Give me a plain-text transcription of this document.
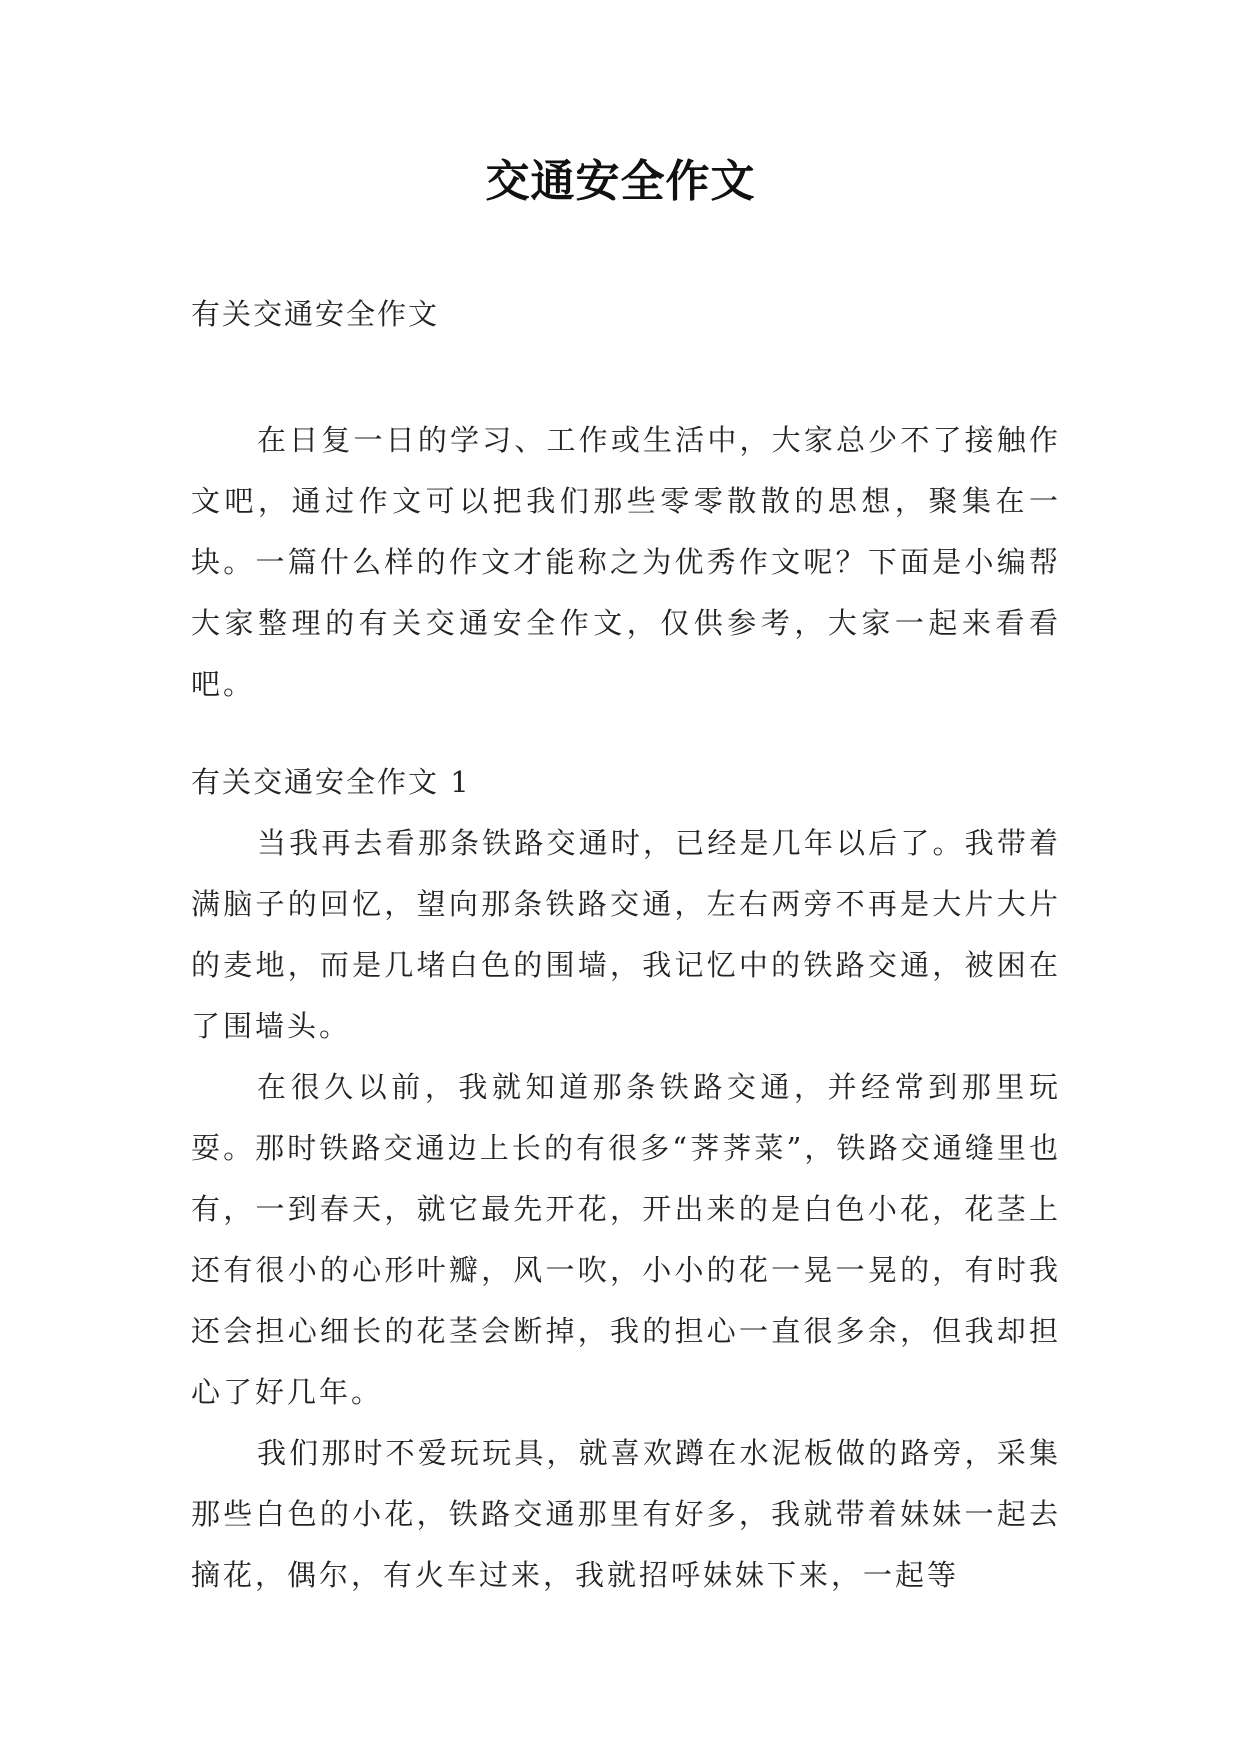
交通安全作文
有关交通安全作文

在日复一日的学习、工作或生活中，大家总少不了接触作文吧，通过作文可以把我们那些零零散散的思想，聚集在一块。一篇什么样的作文才能称之为优秀作文呢？下面是小编帮大家整理的有关交通安全作文，仅供参考，大家一起来看看吧。

有关交通安全作文 1

当我再去看那条铁路交通时，已经是几年以后了。我带着满脑子的回忆，望向那条铁路交通，左右两旁不再是大片大片的麦地，而是几堵白色的围墙，我记忆中的铁路交通，被困在了围墙头。

在很久以前，我就知道那条铁路交通，并经常到那里玩耍。那时铁路交通边上长的有很多“荠荠菜”，铁路交通缝里也有，一到春天，就它最先开花，开出来的是白色小花，花茎上还有很小的心形叶瓣，风一吹，小小的花一晃一晃的，有时我还会担心细长的花茎会断掉，我的担心一直很多余，但我却担心了好几年。

我们那时不爱玩玩具，就喜欢蹲在水泥板做的路旁，采集那些白色的小花，铁路交通那里有好多，我就带着妹妹一起去摘花，偶尔，有火车过来，我就招呼妹妹下来，一起等
